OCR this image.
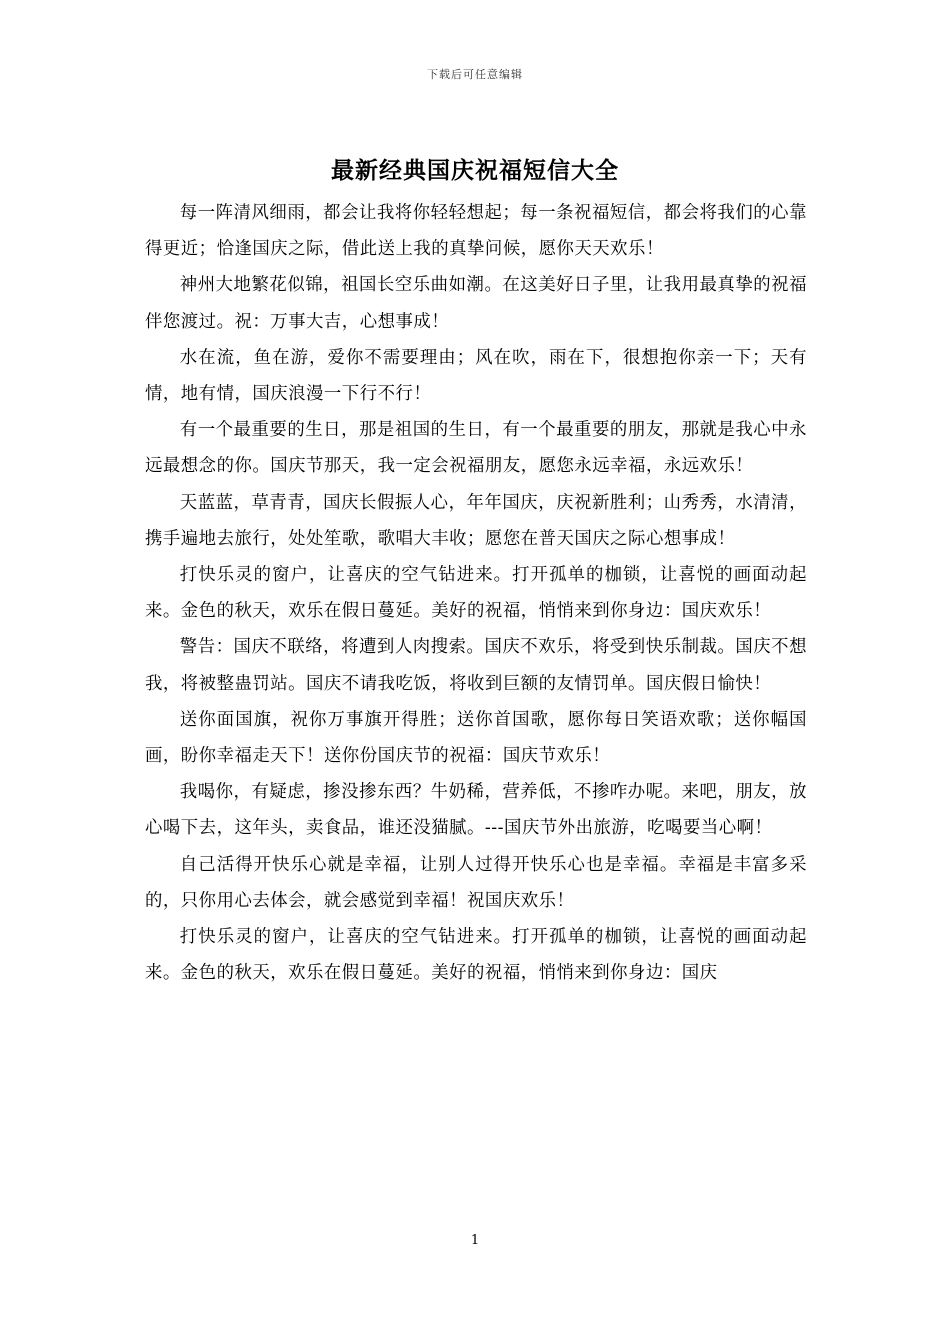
下载后可任意编辑
最新经典国庆祝福短信大全

每一阵清风细雨，都会让我将你轻轻想起；每一条祝福短信，都会将我们的心靠得更近；恰逢国庆之际，借此送上我的真挚问候，愿你天天欢乐！

神州大地繁花似锦，祖国长空乐曲如潮。在这美好日子里，让我用最真挚的祝福伴您渡过。祝：万事大吉，心想事成！

水在流，鱼在游，爱你不需要理由；风在吹，雨在下，很想抱你亲一下；天有情，地有情，国庆浪漫一下行不行！

有一个最重要的生日，那是祖国的生日，有一个最重要的朋友，那就是我心中永远最想念的你。国庆节那天，我一定会祝福朋友，愿您永远幸福，永远欢乐！

天蓝蓝，草青青，国庆长假振人心，年年国庆，庆祝新胜利；山秀秀，水清清，携手遍地去旅行，处处笙歌，歌唱大丰收；愿您在普天国庆之际心想事成！

打快乐灵的窗户，让喜庆的空气钻进来。打开孤单的枷锁，让喜悦的画面动起来。金色的秋天，欢乐在假日蔓延。美好的祝福，悄悄来到你身边：国庆欢乐！

警告：国庆不联络，将遭到人肉搜索。国庆不欢乐，将受到快乐制裁。国庆不想我，将被整蛊罚站。国庆不请我吃饭，将收到巨额的友情罚单。国庆假日愉快！

送你面国旗，祝你万事旗开得胜；送你首国歌，愿你每日笑语欢歌；送你幅国画，盼你幸福走天下！送你份国庆节的祝福：国庆节欢乐！

我喝你，有疑虑，掺没掺东西？牛奶稀，营养低，不掺咋办呢。来吧，朋友，放心喝下去，这年头，卖食品，谁还没猫腻。---国庆节外出旅游，吃喝要当心啊！

自己活得开快乐心就是幸福，让别人过得开快乐心也是幸福。幸福是丰富多采的，只你用心去体会，就会感觉到幸福！祝国庆欢乐！

打快乐灵的窗户，让喜庆的空气钻进来。打开孤单的枷锁，让喜悦的画面动起来。金色的秋天，欢乐在假日蔓延。美好的祝福，悄悄来到你身边：国庆

1
